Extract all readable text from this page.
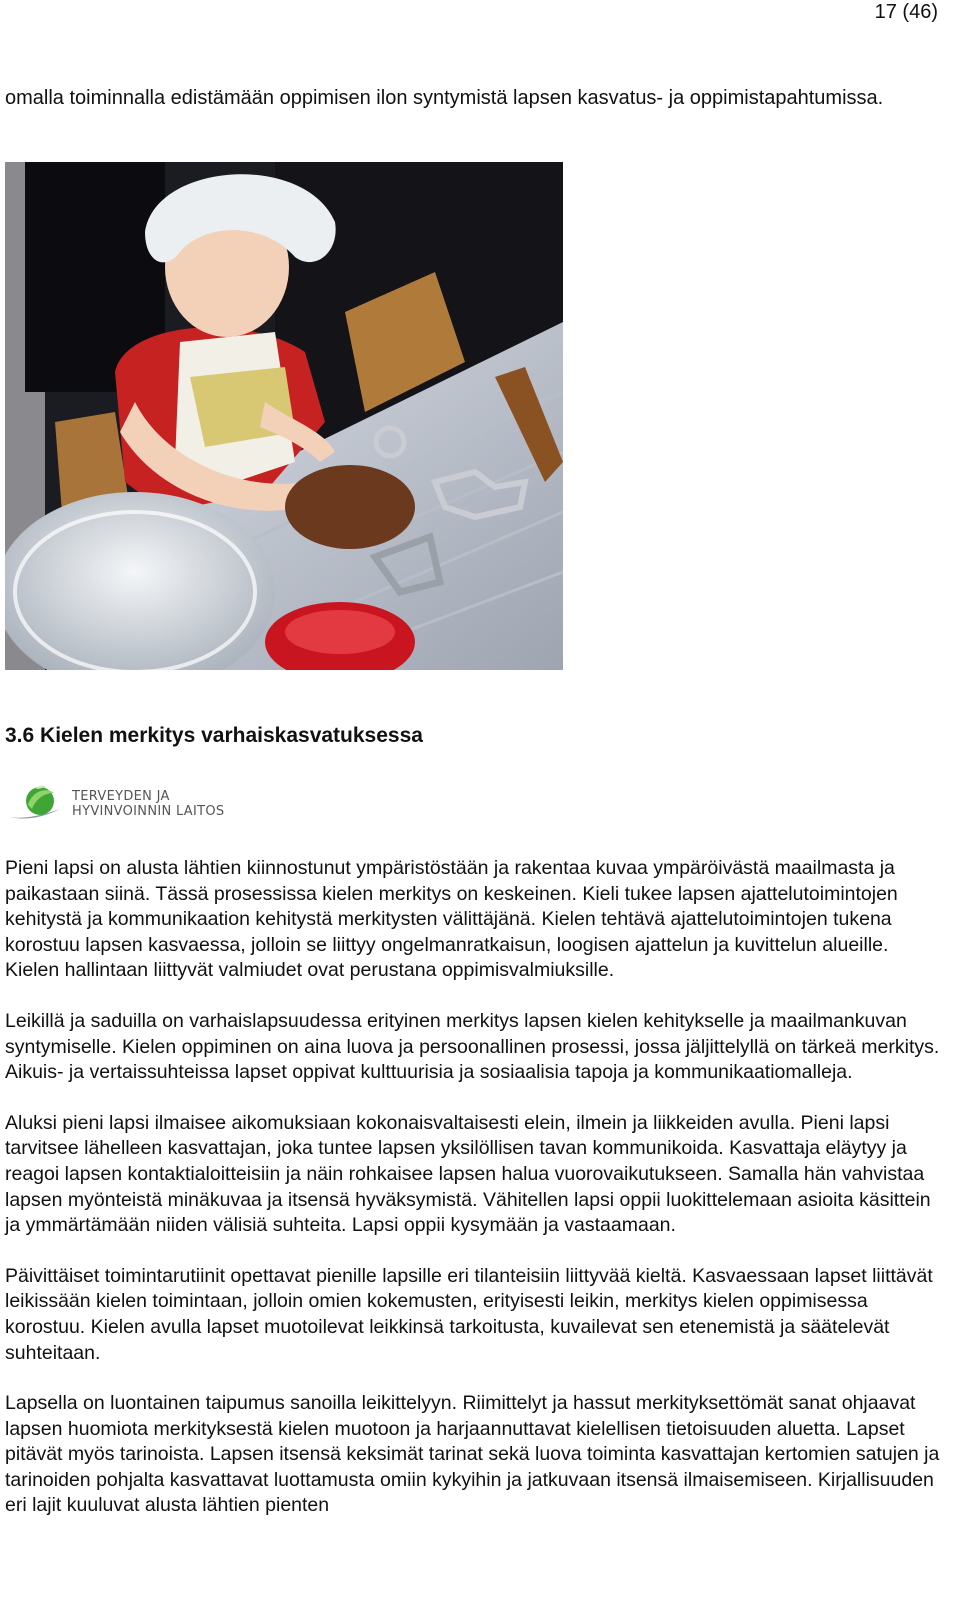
17 (46)

omalla toiminnalla edistämään oppimisen ilon syntymistä lapsen kasvatus- ja oppimistapahtumissa.

3.6 Kielen merkitys varhaiskasvatuksessa
TERVEYDEN JA
HYVINVOINNIN LAITOS

Pieni lapsi on alusta lähtien kiinnostunut ympäristöstään ja rakentaa kuvaa ympäröivästä maailmasta ja paikastaan siinä. Tässä prosessissa kielen merkitys on keskeinen. Kieli tukee lapsen ajattelutoimintojen kehitystä ja kommunikaation kehitystä merkitysten välittäjänä. Kielen tehtävä ajattelutoimintojen tukena korostuu lapsen kasvaessa, jolloin se liittyy ongelmanratkaisun, loogisen ajattelun ja kuvittelun alueille. Kielen hallintaan liittyvät valmiudet ovat perustana oppimisvalmiuksille.

Leikillä ja saduilla on varhaislapsuudessa erityinen merkitys lapsen kielen kehitykselle ja maailmankuvan syntymiselle. Kielen oppiminen on aina luova ja persoonallinen prosessi, jossa jäljittelyllä on tärkeä merkitys. Aikuis- ja vertaissuhteissa lapset oppivat kulttuurisia ja sosiaalisia tapoja ja kommunikaatiomalleja.

Aluksi pieni lapsi ilmaisee aikomuksiaan kokonaisvaltaisesti elein, ilmein ja liikkeiden avulla. Pieni lapsi tarvitsee lähelleen kasvattajan, joka tuntee lapsen yksilöllisen tavan kommunikoida. Kasvattaja eläytyy ja reagoi lapsen kontaktialoitteisiin ja näin rohkaisee lapsen halua vuorovaikutukseen. Samalla hän vahvistaa lapsen myönteistä minäkuvaa ja itsensä hyväksymistä. Vähitellen lapsi oppii luokittelemaan asioita käsittein ja ymmärtämään niiden välisiä suhteita. Lapsi oppii kysymään ja vastaamaan.

Päivittäiset toimintarutiinit opettavat pienille lapsille eri tilanteisiin liittyvää kieltä. Kasvaessaan lapset liittävät leikissään kielen toimintaan, jolloin omien kokemusten, erityisesti leikin, merkitys kielen oppimisessa korostuu. Kielen avulla lapset muotoilevat leikkinsä tarkoitusta, kuvailevat sen etenemistä ja säätelevät suhteitaan.

Lapsella on luontainen taipumus sanoilla leikittelyyn. Riimittelyt ja hassut merkityksettömät sanat ohjaavat lapsen huomiota merkityksestä kielen muotoon ja harjaannuttavat kielellisen tietoisuuden aluetta. Lapset pitävät myös tarinoista. Lapsen itsensä keksimät tarinat sekä luova toiminta kasvattajan kertomien satujen ja tarinoiden pohjalta kasvattavat luottamusta omiin kykyihin ja jatkuvaan itsensä ilmaisemiseen. Kirjallisuuden eri lajit kuuluvat alusta lähtien pienten
